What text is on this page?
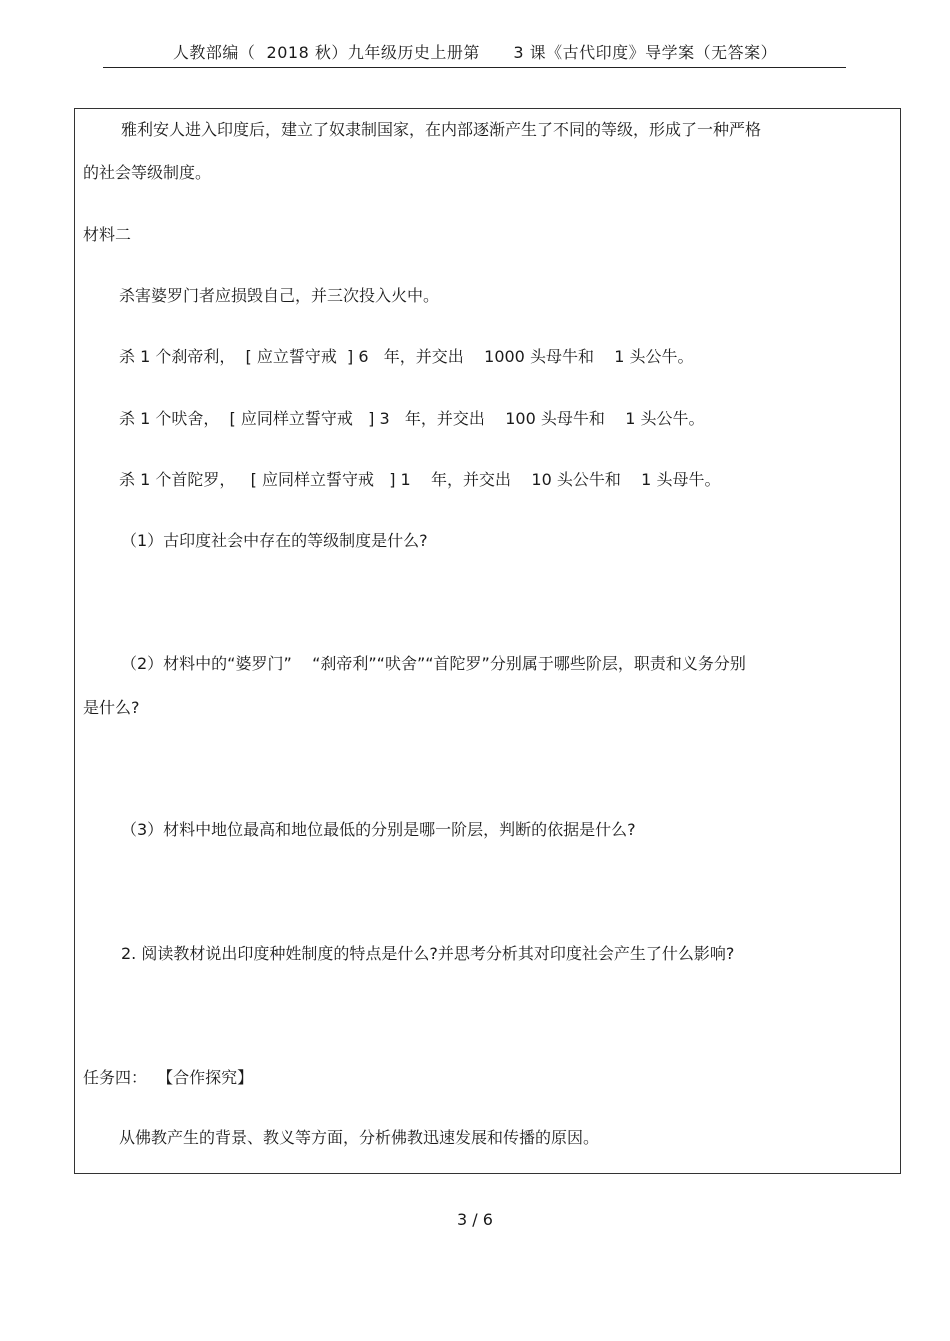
人教部编（  2018 秋）九年级历史上册第      3 课《古代印度》导学案（无答案）
雅利安人进入印度后，建立了奴隶制国家，在内部逐渐产生了不同的等级，形成了一种严格
的社会等级制度。
材料二
杀害婆罗门者应损毁自己，并三次投入火中。
杀 1 个刹帝利，  [ 应立誓守戒  ] 6   年，并交出    1000 头母牛和    1 头公牛。
杀 1 个吠舍，  [ 应同样立誓守戒   ] 3   年，并交出    100 头母牛和    1 头公牛。
杀 1 个首陀罗，   [ 应同样立誓守戒   ] 1    年，并交出    10 头公牛和    1 头母牛。
（1）古印度社会中存在的等级制度是什么?
（2）材料中的“婆罗门”    “刹帝利”“吠舍”“首陀罗”分别属于哪些阶层，职责和义务分别
是什么?
（3）材料中地位最高和地位最低的分别是哪一阶层，判断的依据是什么?
2. 阅读教材说出印度种姓制度的特点是什么?并思考分析其对印度社会产生了什么影响?
任务四：  【合作探究】
从佛教产生的背景、教义等方面，分析佛教迅速发展和传播的原因。
3 / 6
